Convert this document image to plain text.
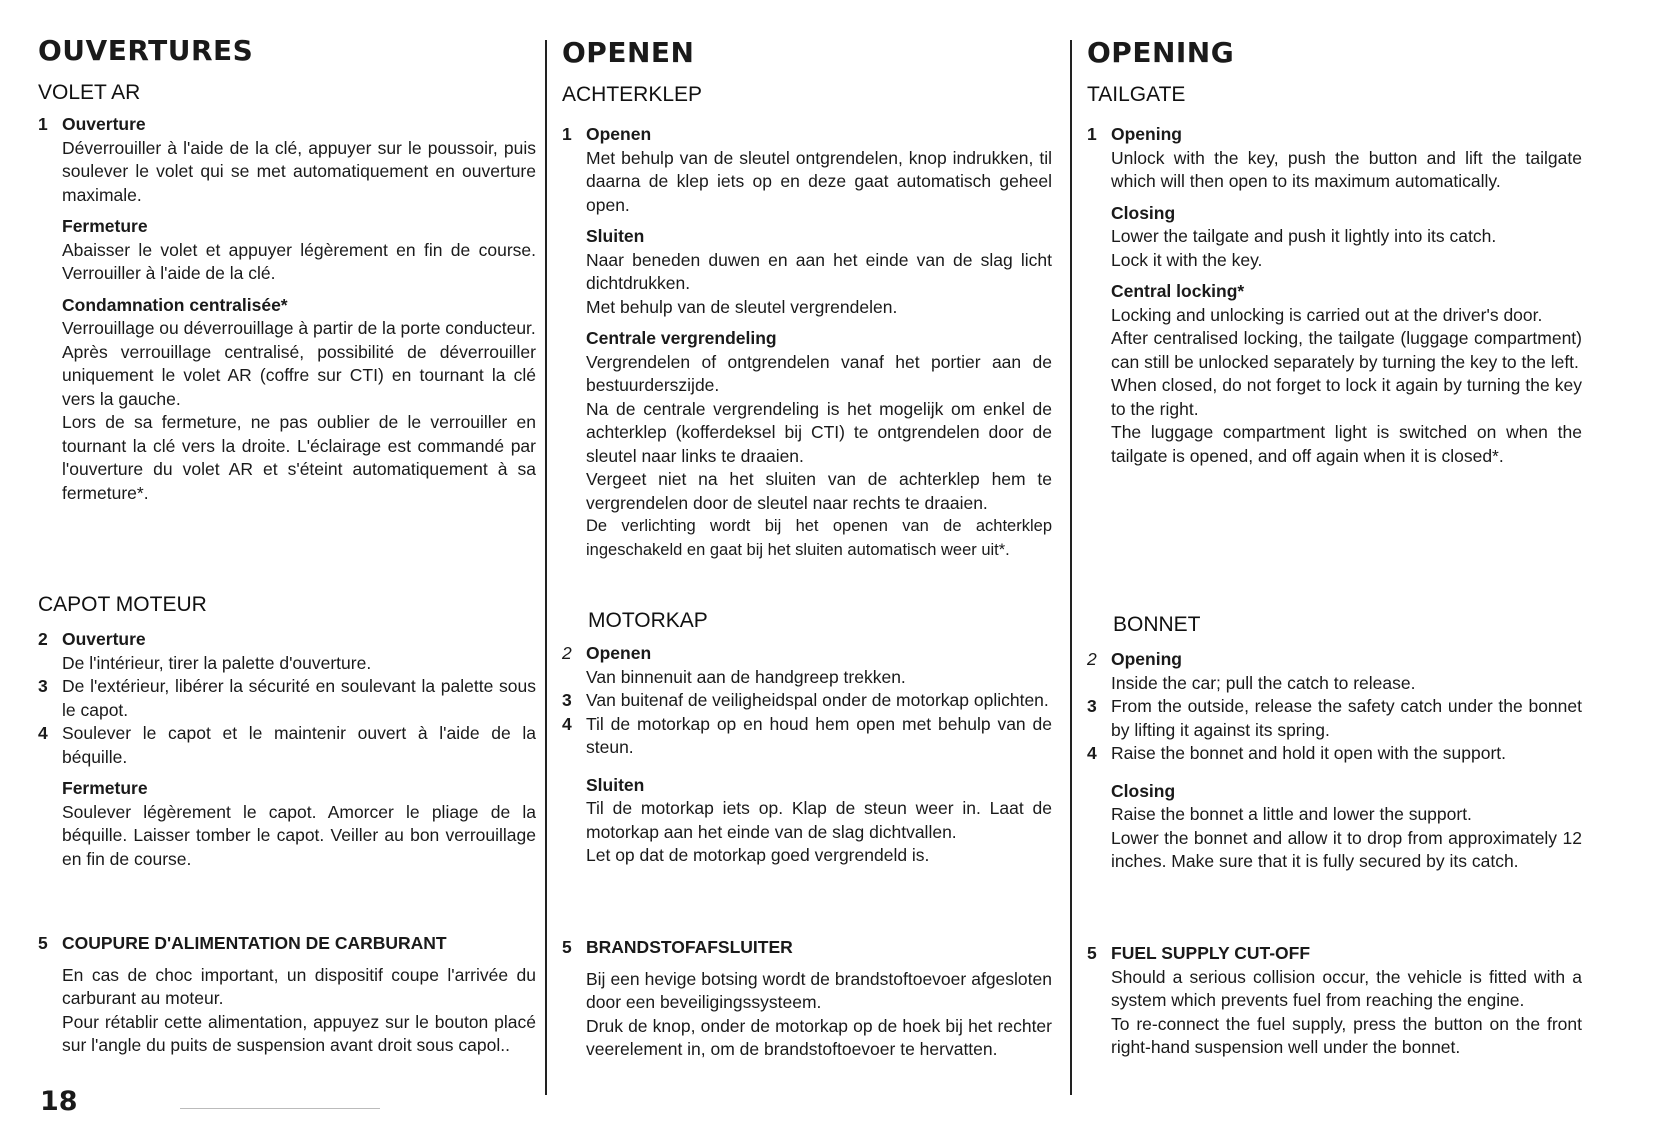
OUVERTURES
VOLET AR
1 Ouverture

Déverrouiller à l'aide de la clé, appuyer sur le poussoir, puis soulever le volet qui se met automatiquement en ouverture maximale.

Fermeture

Abaisser le volet et appuyer légèrement en fin de course. Verrouiller à l'aide de la clé.

Condamnation centralisée*

Verrouillage ou déverrouillage à partir de la porte conducteur.

Après verrouillage centralisé, possibilité de déverrouiller uniquement le volet AR (coffre sur CTI) en tournant la clé vers la gauche.

Lors de sa fermeture, ne pas oublier de le verrouiller en tournant la clé vers la droite. L'éclairage est commandé par l'ouverture du volet AR et s'éteint automatiquement à sa fermeture*.

CAPOT MOTEUR
2 Ouverture

De l'intérieur, tirer la palette d'ouverture.

3 De l'extérieur, libérer la sécurité en soulevant la palette sous le capot.

4 Soulever le capot et le maintenir ouvert à l'aide de la béquille.

Fermeture

Soulever légèrement le capot. Amorcer le pliage de la béquille. Laisser tomber le capot. Veiller au bon verrouillage en fin de course.

5 COUPURE D'ALIMENTATION DE CARBURANT

En cas de choc important, un dispositif coupe l'arrivée du carburant au moteur.

Pour rétablir cette alimentation, appuyez sur le bouton placé sur l'angle du puits de suspension avant droit sous capol..

OPENEN
ACHTERKLEP
1 Openen

Met behulp van de sleutel ontgrendelen, knop indrukken, til daarna de klep iets op en deze gaat automatisch geheel open.

Sluiten

Naar beneden duwen en aan het einde van de slag licht dichtdrukken.

Met behulp van de sleutel vergrendelen.

Centrale vergrendeling

Vergrendelen of ontgrendelen vanaf het portier aan de bestuurderszijde.

Na de centrale vergrendeling is het mogelijk om enkel de achterklep (kofferdeksel bij CTI) te ontgrendelen door de sleutel naar links te draaien.

Vergeet niet na het sluiten van de achterklep hem te vergrendelen door de sleutel naar rechts te draaien.

De verlichting wordt bij het openen van de achterklep ingeschakeld en gaat bij het sluiten automatisch weer uit*.

MOTORKAP
2 Openen

Van binnenuit aan de handgreep trekken.

3 Van buitenaf de veiligheidspal onder de motorkap oplichten.

4 Til de motorkap op en houd hem open met behulp van de steun.

Sluiten

Til de motorkap iets op. Klap de steun weer in. Laat de motorkap aan het einde van de slag dichtvallen.

Let op dat de motorkap goed vergrendeld is.

5 BRANDSTOFAFSLUITER

Bij een hevige botsing wordt de brandstoftoevoer afgesloten door een beveiligingssysteem.

Druk de knop, onder de motorkap op de hoek bij het rechter veerelement in, om de brandstoftoevoer te hervatten.

OPENING
TAILGATE
1 Opening

Unlock with the key, push the button and lift the tailgate which will then open to its maximum automatically.

Closing

Lower the tailgate and push it lightly into its catch.

Lock it with the key.

Central locking*

Locking and unlocking is carried out at the driver's door.

After centralised locking, the tailgate (luggage compartment) can still be unlocked separately by turning the key to the left.

When closed, do not forget to lock it again by turning the key to the right.

The luggage compartment light is switched on when the tailgate is opened, and off again when it is closed*.

BONNET
2 Opening

Inside the car; pull the catch to release.

3 From the outside, release the safety catch under the bonnet by lifting it against its spring.

4 Raise the bonnet and hold it open with the support.

Closing

Raise the bonnet a little and lower the support.

Lower the bonnet and allow it to drop from approximately 12 inches. Make sure that it is fully secured by its catch.

5 FUEL SUPPLY CUT-OFF

Should a serious collision occur, the vehicle is fitted with a system which prevents fuel from reaching the engine.

To re-connect the fuel supply, press the button on the front right-hand suspension well under the bonnet.

18
